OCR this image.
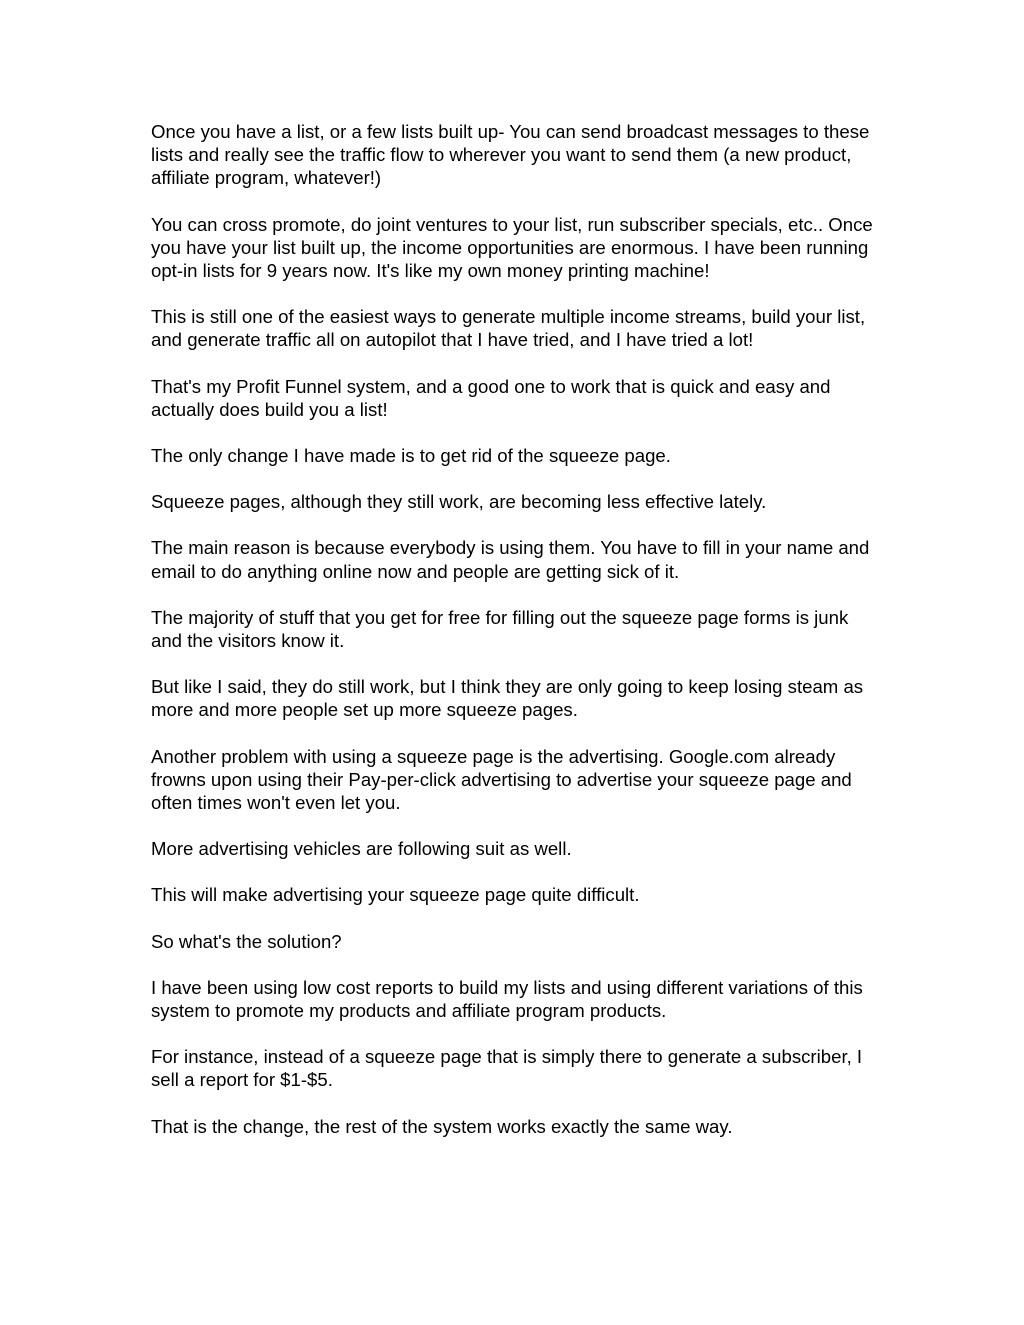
Once you have a list, or a few lists built up- You can send broadcast messages to these lists and really see the traffic flow to wherever you want to send them (a new product, affiliate program, whatever!)

You can cross promote, do joint ventures to your list, run subscriber specials, etc.. Once you have your list built up, the income opportunities are enormous. I have been running opt-in lists for 9 years now. It's like my own money printing machine!

This is still one of the easiest ways to generate multiple income streams, build your list, and generate traffic all on autopilot that I have tried, and I have tried a lot!

That's my Profit Funnel system, and a good one to work that is quick and easy and actually does build you a list!

The only change I have made is to get rid of the squeeze page.

Squeeze pages, although they still work, are becoming less effective lately.

The main reason is because everybody is using them. You have to fill in your name and email to do anything online now and people are getting sick of it.

The majority of stuff that you get for free for filling out the squeeze page forms is junk and the visitors know it.

But like I said, they do still work, but I think they are only going to keep losing steam as more and more people set up more squeeze pages.

Another problem with using a squeeze page is the advertising. Google.com already frowns upon using their Pay-per-click advertising to advertise your squeeze page and often times won't even let you.

More advertising vehicles are following suit as well.

This will make advertising your squeeze page quite difficult.

So what's the solution?

I have been using low cost reports to build my lists and using different variations of this system to promote my products and affiliate program products.

For instance, instead of a squeeze page that is simply there to generate a subscriber, I sell a report for $1-$5.

That is the change, the rest of the system works exactly the same way.
